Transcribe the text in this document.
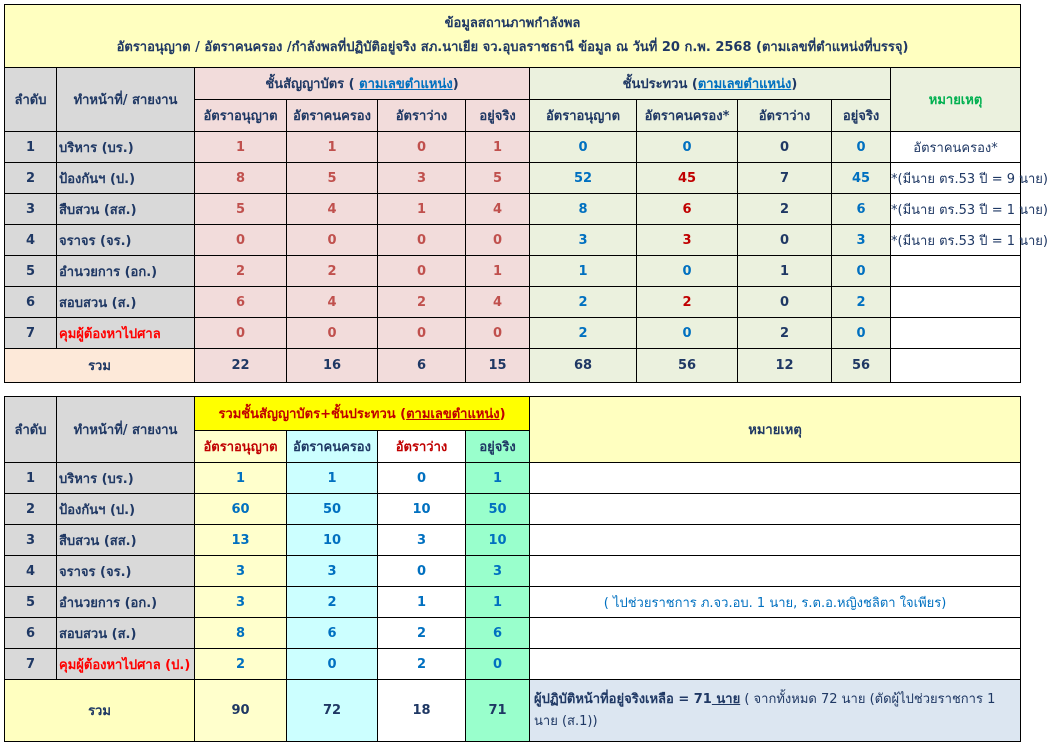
ข้อมูลสถานภาพกำลังพล
อัตราอนุญาต / อัตราคนครอง /กำลังพลที่ปฏิบัติอยู่จริง สภ.นาเยีย จว.อุบลราชธานี ข้อมูล ณ วันที่ 20 ก.พ. 2568 (ตามเลขที่ตำแหน่งที่บรรจุ)										

ลำดับ	ทำหน้าที่/ สายงาน	ชั้นสัญญาบัตร ( ตามเลขตำแหน่ง)				ชั้นประทวน (ตามเลขตำแหน่ง)				หมายเหตุ
		อัตราอนุญาต	อัตราคนครอง	อัตราว่าง	อยู่จริง	อัตราอนุญาต	อัตราคนครอง*	อัตราว่าง	อยู่จริง	
1	บริหาร (บร.)	1	1	0	1	0	0	0	0	อัตราคนครอง*
2	ป้องกันฯ (ป.)	8	5	3	5	52	45	7	45	*(มีนาย ตร.53 ปี = 9 นาย)
3	สืบสวน (สส.)	5	4	1	4	8	6	2	6	*(มีนาย ตร.53 ปี = 1 นาย)
4	จราจร (จร.)	0	0	0	0	3	3	0	3	*(มีนาย ตร.53 ปี = 1 นาย)
5	อำนวยการ (อก.)	2	2	0	1	1	0	1	0	
6	สอบสวน (ส.)	6	4	2	4	2	2	0	2	
7	คุมผู้ต้องหาไปศาล	0	0	0	0	2	0	2	0	
รวม		22	16	6	15	68	56	12	56	
ลำดับ	ทำหน้าที่/ สายงาน	รวมชั้นสัญญาบัตร+ชั้นประทวน (ตามเลขตำแหน่ง)				หมายเหตุ
		อัตราอนุญาต	อัตราคนครอง	อัตราว่าง	อยู่จริง	
1	บริหาร (บร.)	1	1	0	1	
2	ป้องกันฯ (ป.)	60	50	10	50	
3	สืบสวน (สส.)	13	10	3	10	
4	จราจร (จร.)	3	3	0	3	
5	อำนวยการ (อก.)	3	2	1	1	( ไปช่วยราชการ ภ.จว.อบ. 1 นาย, ร.ต.อ.หญิงชลิตา ใจเพียร)
6	สอบสวน (ส.)	8	6	2	6	
7	คุมผู้ต้องหาไปศาล (ป.)	2	0	2	0	
รวม		90	72	18	71	ผู้ปฏิบัติหน้าที่อยู่จริงเหลือ = 71 นาย ( จากทั้งหมด 72 นาย (ตัดผู้ไปช่วยราชการ 1 นาย (ส.1))
